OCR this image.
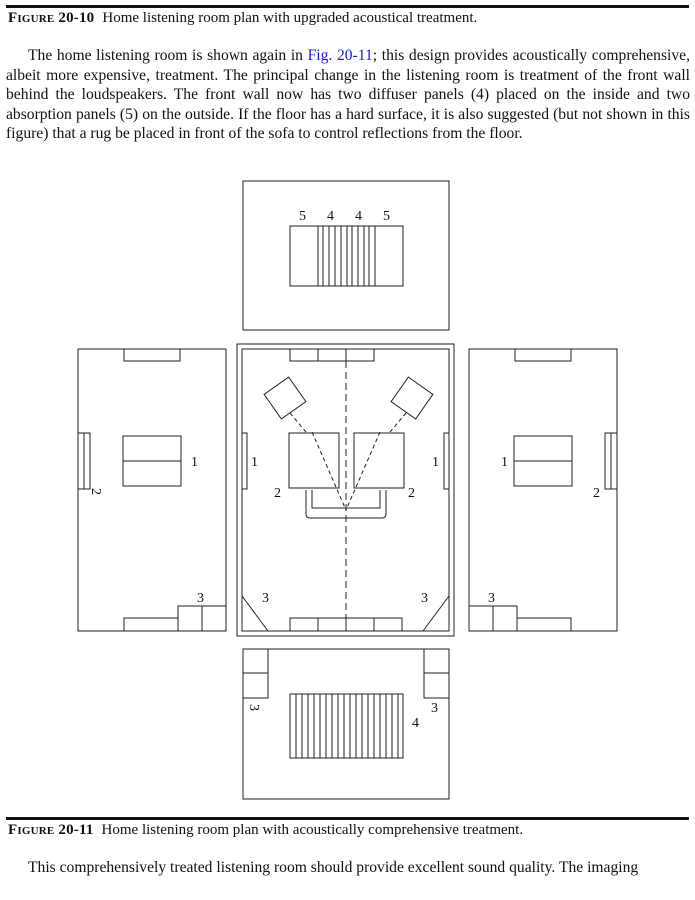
Figure 20-10 Home listening room plan with upgraded acoustical treatment.
The home listening room is shown again in Fig. 20-11; this design provides acoustically comprehensive, albeit more expensive, treatment. The principal change in the listening room is treatment of the front wall behind the loudspeakers. The front wall now has two diffuser panels (4) placed on the inside and two absorption panels (5) on the outside. If the floor has a hard surface, it is also suggested (but not shown in this figure) that a rug be placed in front of the sofa to control reflections from the floor.
5 4 4 5
1
2
3
1
2
1
2
3	3
1
2
3
3	3
4
Figure 20-11 Home listening room plan with acoustically comprehensive treatment.
This comprehensively treated listening room should provide excellent sound quality. The imaging
